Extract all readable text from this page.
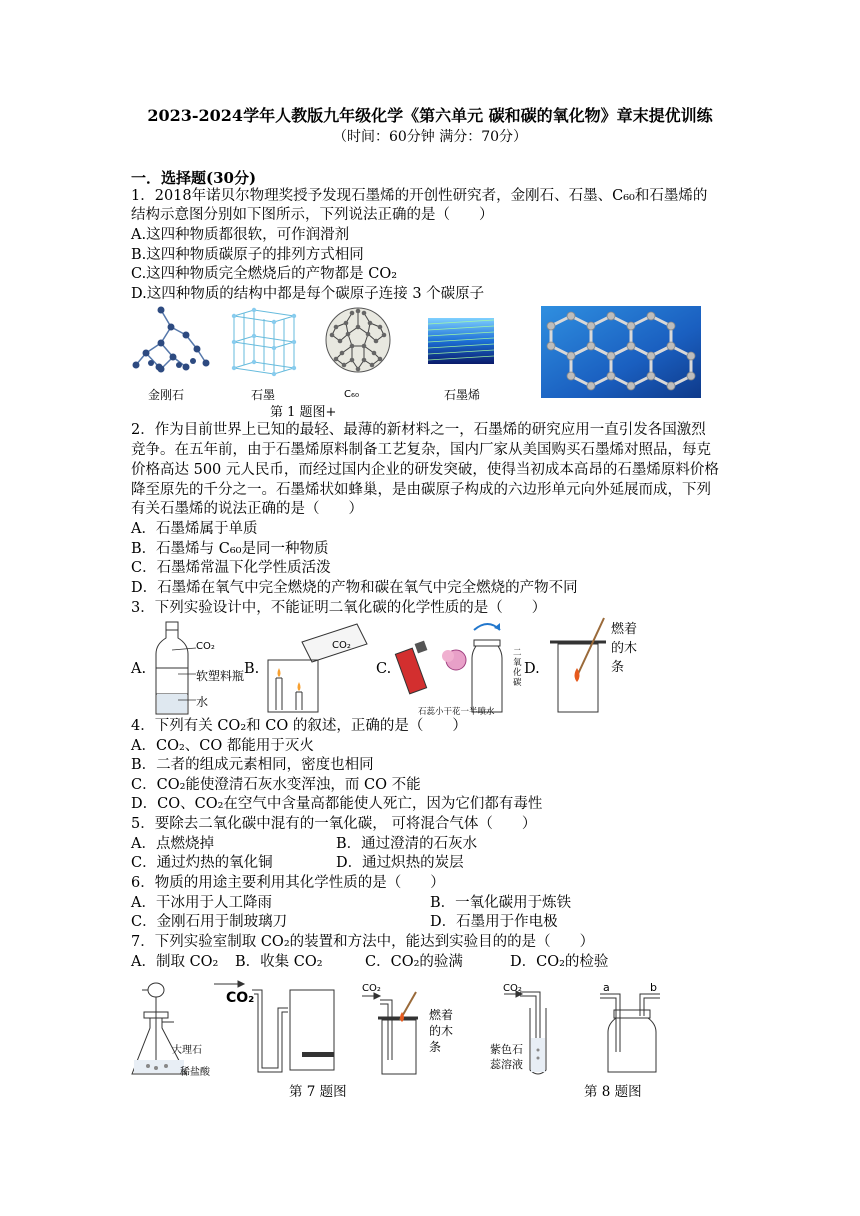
2023-2024学年人教版九年级化学《第六单元 碳和碳的氧化物》章末提优训练
（时间：60分钟 满分：70分）
一．选择题(30分)
1．2018年诺贝尔物理奖授予发现石墨烯的开创性研究者，金刚石、石墨、C₆₀和石墨烯的
结构示意图分别如下图所示，下列说法正确的是（　　）
A.这四种物质都很软，可作润滑剂
B.这四种物质碳原子的排列方式相同
C.这四种物质完全燃烧后的产物都是 CO₂
D.这四种物质的结构中都是每个碳原子连接 3 个碳原子
金刚石	石墨	C₆₀	石墨烯
第 1 题图+
2．作为目前世界上已知的最轻、最薄的新材料之一，石墨烯的研究应用一直引发各国激烈
竞争。在五年前，由于石墨烯原料制备工艺复杂，国内厂家从美国购买石墨烯对照品，每克
价格高达 500 元人民币，而经过国内企业的研发突破，使得当初成本高昂的石墨烯原料价格
降至原先的千分之一。石墨烯状如蜂巢，是由碳原子构成的六边形单元向外延展而成，下列
有关石墨烯的说法正确的是（　　）
A．石墨烯属于单质
B．石墨烯与 C₆₀是同一种物质
C．石墨烯常温下化学性质活泼
D．石墨烯在氧气中完全燃烧的产物和碳在氧气中完全燃烧的产物不同
3．下列实验设计中，不能证明二氧化碳的化学性质的是（　　）
A.
CO₂
软塑料瓶
水
B.
CO₂
C.
二氧化碳
石蕊小干花一半喷水
D.
燃着
的木
条
4．下列有关 CO₂和 CO 的叙述，正确的是（　　）
A．CO₂、CO 都能用于灭火
B．二者的组成元素相同，密度也相同
C．CO₂能使澄清石灰水变浑浊，而 CO 不能
D．CO、CO₂在空气中含量高都能使人死亡，因为它们都有毒性
5．要除去二氧化碳中混有的一氧化碳， 可将混合气体（　　）
A．点燃烧掉	B．通过澄清的石灰水
C．通过灼热的氧化铜	D．通过炽热的炭层
6．物质的用途主要利用其化学性质的是（　　）
A．干冰用于人工降雨	B．一氧化碳用于炼铁
C．金刚石用于制玻璃刀	D．石墨用于作电极
7．下列实验室制取 CO₂的装置和方法中，能达到实验目的的是（　　）
A．制取 CO₂ B．收集 CO₂	C．CO₂的验满	D．CO₂的检验
大理石
稀盐酸
CO₂
CO₂
燃着
的木
条
CO₂
紫色石
蕊溶液
a	b
第 7 题图	第 8 题图
